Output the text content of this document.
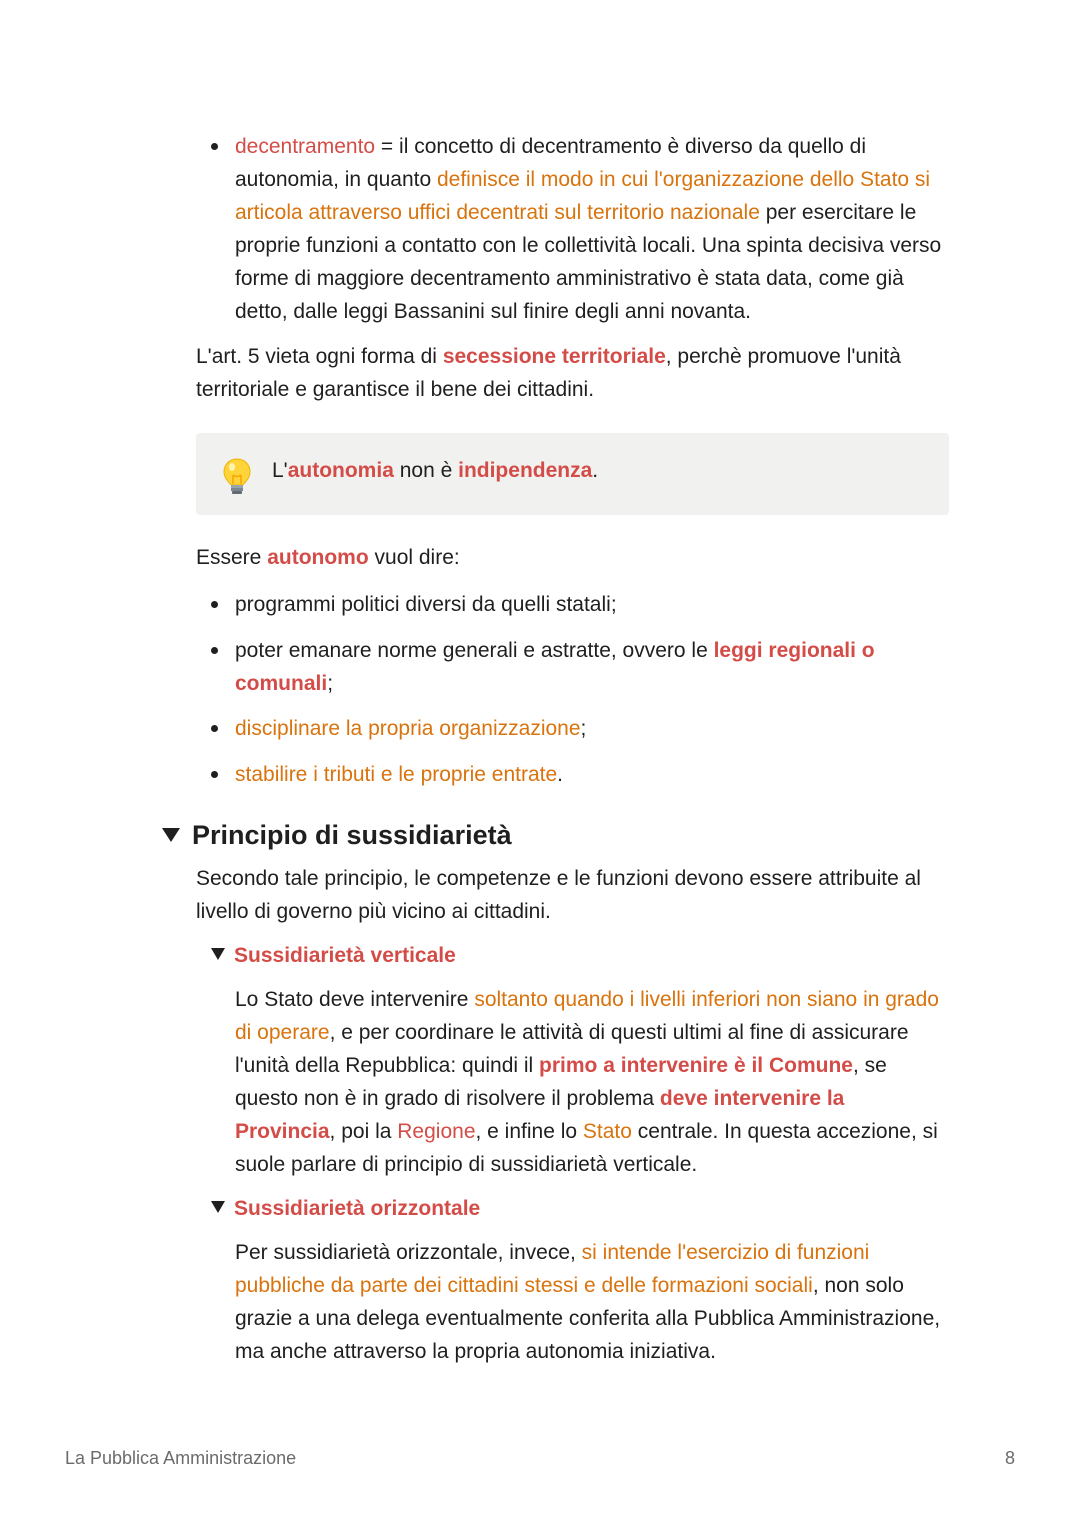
decentramento = il concetto di decentramento è diverso da quello di autonomia, in quanto definisce il modo in cui l'organizzazione dello Stato si articola attraverso uffici decentrati sul territorio nazionale per esercitare le proprie funzioni a contatto con le collettività locali. Una spinta decisiva verso forme di maggiore decentramento amministrativo è stata data, come già detto, dalle leggi Bassanini sul finire degli anni novanta.
L'art. 5 vieta ogni forma di secessione territoriale, perchè promuove l'unità territoriale e garantisce il bene dei cittadini.
L'autonomia non è indipendenza.
Essere autonomo vuol dire:
programmi politici diversi da quelli statali;
poter emanare norme generali e astratte, ovvero le leggi regionali o comunali;
disciplinare la propria organizzazione;
stabilire i tributi e le proprie entrate.
Principio di sussidiarietà
Secondo tale principio, le competenze e le funzioni devono essere attribuite al livello di governo più vicino ai cittadini.
Sussidiarietà verticale
Lo Stato deve intervenire soltanto quando i livelli inferiori non siano in grado di operare, e per coordinare le attività di questi ultimi al fine di assicurare l'unità della Repubblica: quindi il primo a intervenire è il Comune, se questo non è in grado di risolvere il problema deve intervenire la Provincia, poi la Regione, e infine lo Stato centrale. In questa accezione, si suole parlare di principio di sussidiarietà verticale.
Sussidiarietà orizzontale
Per sussidiarietà orizzontale, invece, si intende l'esercizio di funzioni pubbliche da parte dei cittadini stessi e delle formazioni sociali, non solo grazie a una delega eventualmente conferita alla Pubblica Amministrazione, ma anche attraverso la propria autonomia iniziativa.
La Pubblica Amministrazione	8
